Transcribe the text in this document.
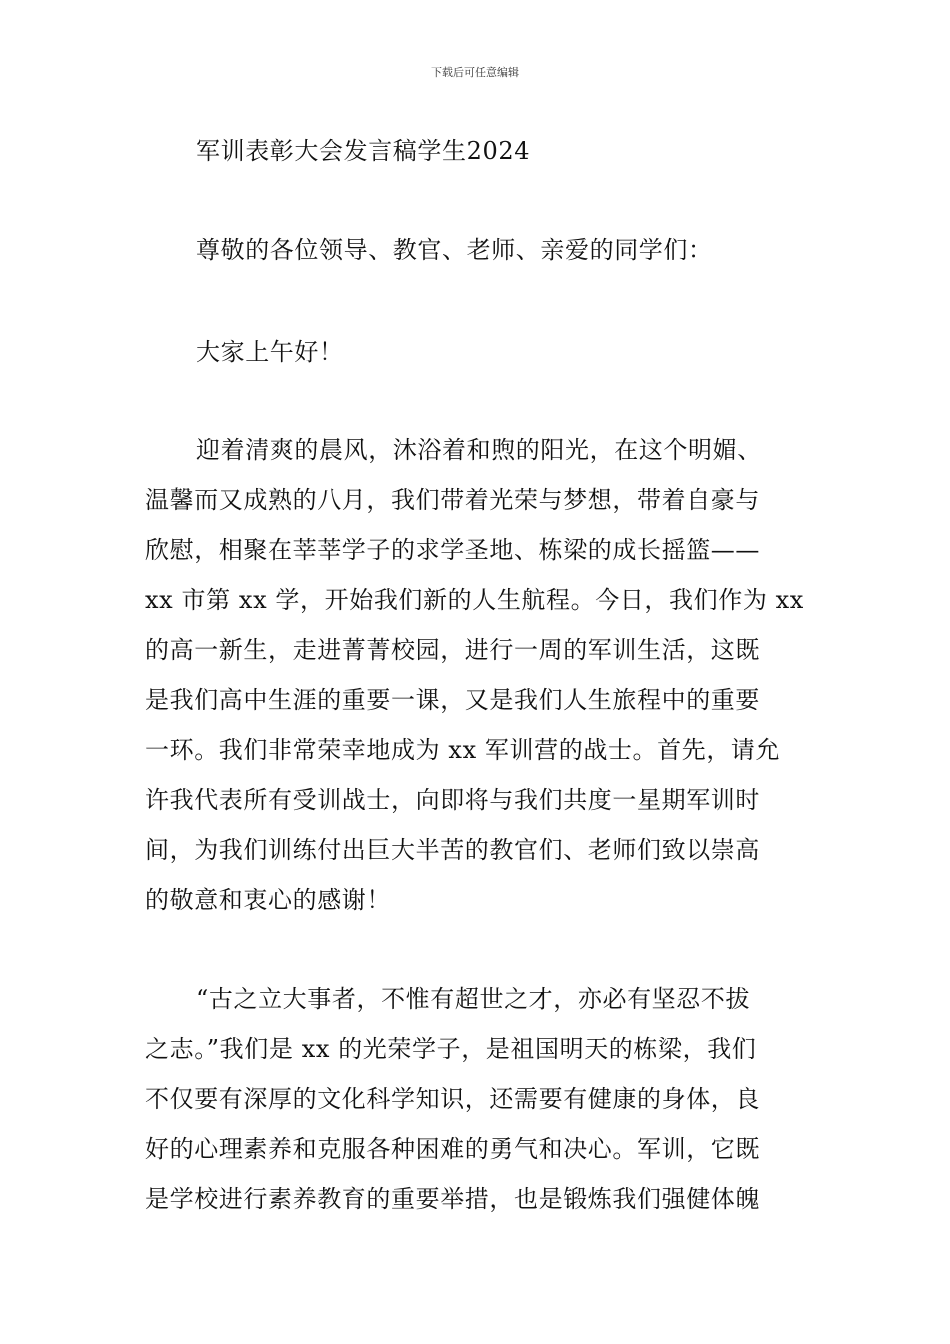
下载后可任意编辑
军训表彰大会发言稿学生2024
尊敬的各位领导、教官、老师、亲爱的同学们：
大家上午好！
迎着清爽的晨风，沐浴着和煦的阳光，在这个明媚、
温馨而又成熟的八月，我们带着光荣与梦想，带着自豪与
欣慰，相聚在莘莘学子的求学圣地、栋梁的成长摇篮——
xx 市第 xx 学，开始我们新的人生航程。今日，我们作为 xx
的高一新生，走进菁菁校园，进行一周的军训生活，这既
是我们高中生涯的重要一课，又是我们人生旅程中的重要
一环。我们非常荣幸地成为 xx 军训营的战士。首先，请允
许我代表所有受训战士，向即将与我们共度一星期军训时
间，为我们训练付出巨大半苦的教官们、老师们致以崇高
的敬意和衷心的感谢！
“古之立大事者，不惟有超世之才，亦必有坚忍不拔
之志。”我们是 xx 的光荣学子，是祖国明天的栋梁，我们
不仅要有深厚的文化科学知识，还需要有健康的身体，良
好的心理素养和克服各种困难的勇气和决心。军训，它既
是学校进行素养教育的重要举措，也是锻炼我们强健体魄
